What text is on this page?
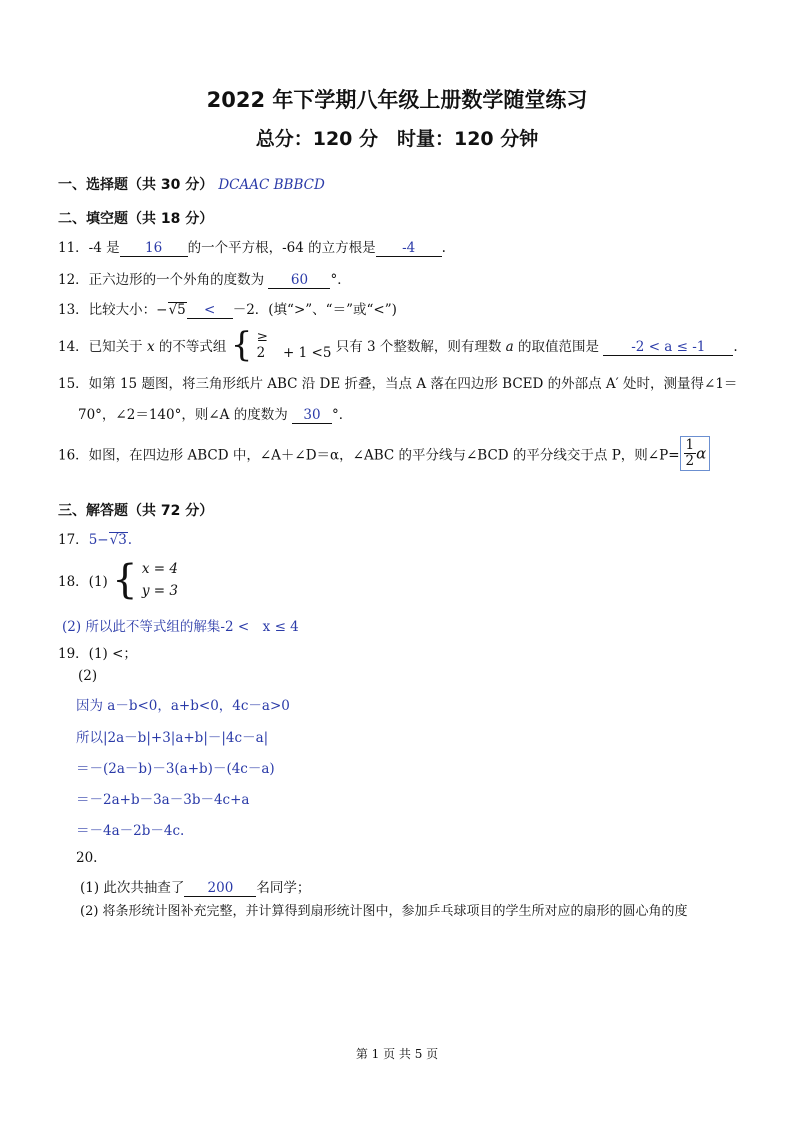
2022 年下学期八年级上册数学随堂练习
总分：120 分　时量：120 分钟
一、选择题（共 30 分） DCAAC BBBCD
二、填空题（共 18 分）
11．-4 是 16 的一个平方根，-64 的立方根是 -4 .
12．正六边形的一个外角的度数为 60 °．
13．比较大小：−√5 < －2．(填“>”、“＝”或“<”)
14．已知关于 x 的不等式组 { ≥
2 　+ 1 <5 只有 3 个整数解，则有理数 a 的取值范围是 -2 < a ≤ -1 .
15．如第 15 题图，将三角形纸片 ABC 沿 DE 折叠，当点 A 落在四边形 BCED 的外部点 A′ 处时，测量得∠1＝
70°，∠2＝140°，则∠A 的度数为 30 °．
16．如图，在四边形 ABCD 中，∠A＋∠D＝α，∠ABC 的平分线与∠BCD 的平分线交于点 P，则∠P= $\frac{1}{2}$ α
三、解答题（共 72 分）
17．5−√3.
18．(1) { x = 4
y = 3
(2) 所以此不等式组的解集-2 <　x ≤ 4
19．(1) <；
(2)
因为 a－b<0，a+b<0，4c－a>0
所以|2a－b|+3|a+b|－|4c－a|
＝－(2a－b)－3(a+b)－(4c－a)
＝－2a+b－3a－3b－4c+a
＝－4a－2b－4c.
20.
(1) 此次共抽查了 200 名同学；
(2) 将条形统计图补充完整，并计算得到扇形统计图中，参加乒乓球项目的学生所对应的扇形的圆心角的度
第 1 页 共 5 页
